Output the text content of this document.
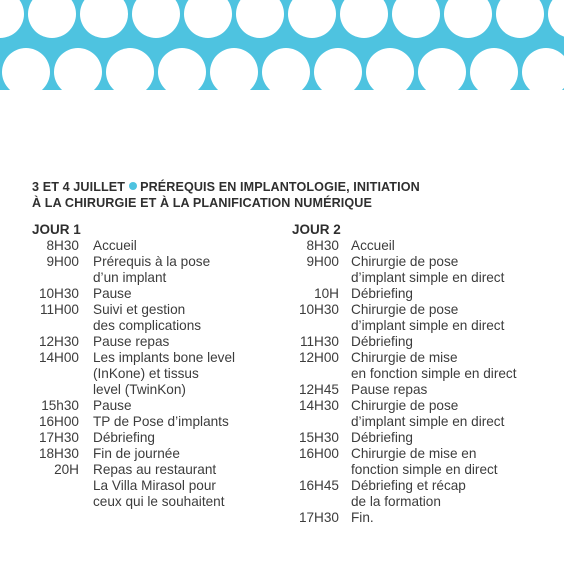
3 ET 4 JUILLET PRÉREQUIS EN IMPLANTOLOGIE, INITIATION
À LA CHIRURGIE ET À LA PLANIFICATION NUMÉRIQUE
JOUR 1
8H30	Accueil
9H00	Prérequis à la pose
d’un implant
10H30	Pause
11H00	Suivi et gestion
des complications
12H30	Pause repas
14H00	Les implants bone level
(InKone) et tissus
level (TwinKon)
15h30	Pause
16H00	TP de Pose d’implants
17H30	Débriefing
18H30	Fin de journée
20H	Repas au restaurant
La Villa Mirasol pour
ceux qui le souhaitent
JOUR 2
8H30 Accueil
9H00 Chirurgie de pose
d’implant simple en direct
10H Débriefing
10H30 Chirurgie de pose
d’implant simple en direct
11H30 Débriefing
12H00 Chirurgie de mise
en fonction simple en direct
12H45 Pause repas
14H30 Chirurgie de pose
d’implant simple en direct
15H30 Débriefing
16H00 Chirurgie de mise en
fonction simple en direct
16H45 Débriefing et récap
de la formation
17H30 Fin.
